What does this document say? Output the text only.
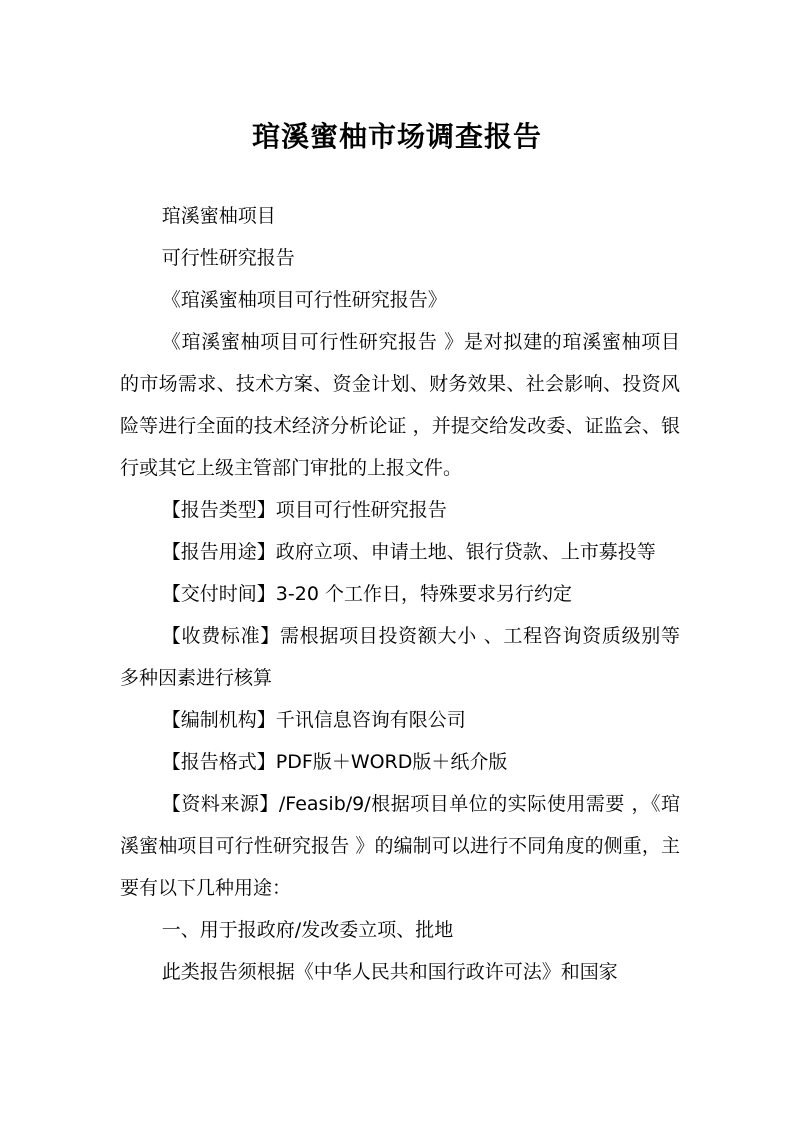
琯溪蜜柚市场调查报告

琯溪蜜柚项目

可行性研究报告

《琯溪蜜柚项目可行性研究报告》

《琯溪蜜柚项目可行性研究报告 》是对拟建的琯溪蜜柚项目的市场需求、技术方案、资金计划、财务效果、社会影响、投资风险等进行全面的技术经济分析论证 ，并提交给发改委、证监会、银行或其它上级主管部门审批的上报文件。

【报告类型】项目可行性研究报告

【报告用途】政府立项、申请土地、银行贷款、上市募投等

【交付时间】3-20 个工作日，特殊要求另行约定

【收费标准】需根据项目投资额大小 、工程咨询资质级别等多种因素进行核算

【编制机构】千讯信息咨询有限公司

【报告格式】PDF版＋WORD版＋纸介版

【资料来源】/Feasib/9/根据项目单位的实际使用需要 ，《琯溪蜜柚项目可行性研究报告 》的编制可以进行不同角度的侧重，主要有以下几种用途：

一、用于报政府/发改委立项、批地

此类报告须根据《中华人民共和国行政许可法》和国家
